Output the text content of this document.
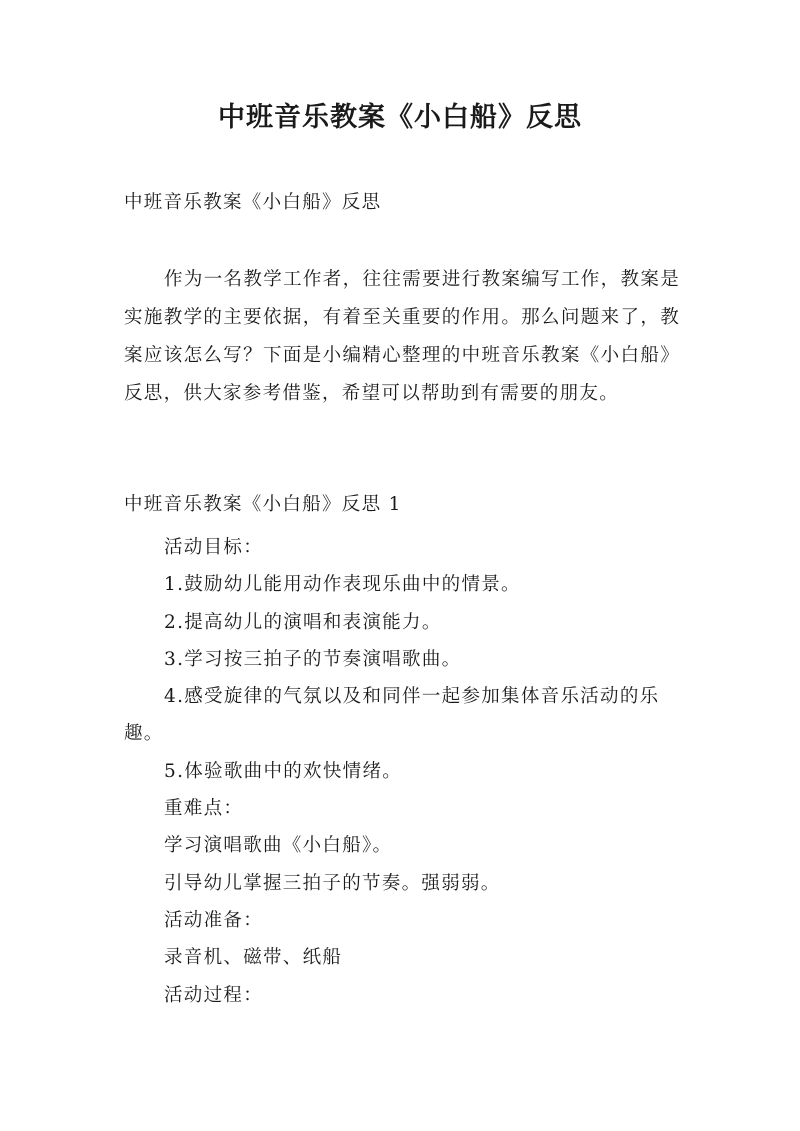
中班音乐教案《小白船》反思
中班音乐教案《小白船》反思
作为一名教学工作者，往往需要进行教案编写工作，教案是实施教学的主要依据，有着至关重要的作用。那么问题来了，教案应该怎么写？下面是小编精心整理的中班音乐教案《小白船》反思，供大家参考借鉴，希望可以帮助到有需要的朋友。
中班音乐教案《小白船》反思 1

活动目标：

1.鼓励幼儿能用动作表现乐曲中的情景。

2.提高幼儿的演唱和表演能力。

3.学习按三拍子的节奏演唱歌曲。

4.感受旋律的气氛以及和同伴一起参加集体音乐活动的乐趣。

5.体验歌曲中的欢快情绪。

重难点：

学习演唱歌曲《小白船》。

引导幼儿掌握三拍子的节奏。强弱弱。

活动准备：

录音机、磁带、纸船

活动过程：
